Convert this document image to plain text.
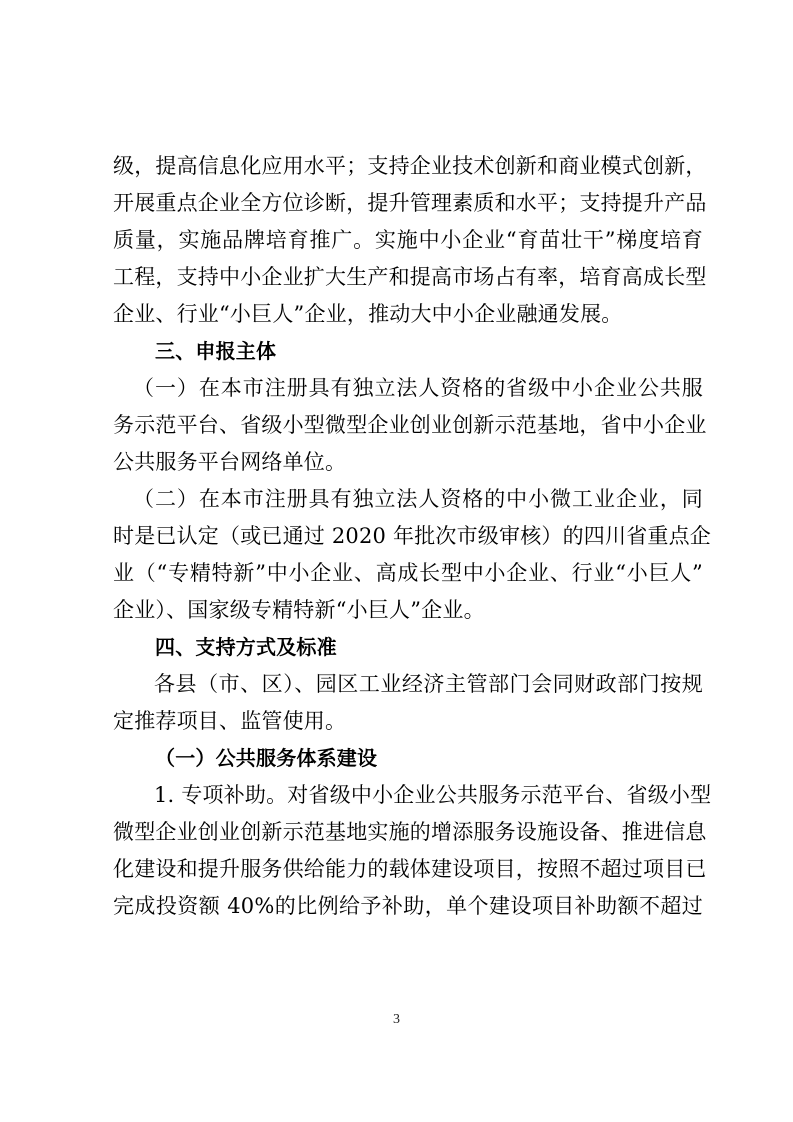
级，提高信息化应用水平；支持企业技术创新和商业模式创新，
开展重点企业全方位诊断，提升管理素质和水平；支持提升产品
质量，实施品牌培育推广。实施中小企业“育苗壮干”梯度培育
工程，支持中小企业扩大生产和提高市场占有率，培育高成长型
企业、行业“小巨人”企业，推动大中小企业融通发展。
三、申报主体
（一）在本市注册具有独立法人资格的省级中小企业公共服
务示范平台、省级小型微型企业创业创新示范基地，省中小企业
公共服务平台网络单位。
（二）在本市注册具有独立法人资格的中小微工业企业，同
时是已认定（或已通过 2020 年批次市级审核）的四川省重点企
业（“专精特新”中小企业、高成长型中小企业、行业“小巨人”
企业）、国家级专精特新“小巨人”企业。
四、支持方式及标准
各县（市、区）、园区工业经济主管部门会同财政部门按规
定推荐项目、监管使用。
（一）公共服务体系建设
1. 专项补助。对省级中小企业公共服务示范平台、省级小型
微型企业创业创新示范基地实施的增添服务设施设备、推进信息
化建设和提升服务供给能力的载体建设项目，按照不超过项目已
完成投资额 40%的比例给予补助，单个建设项目补助额不超过
3
